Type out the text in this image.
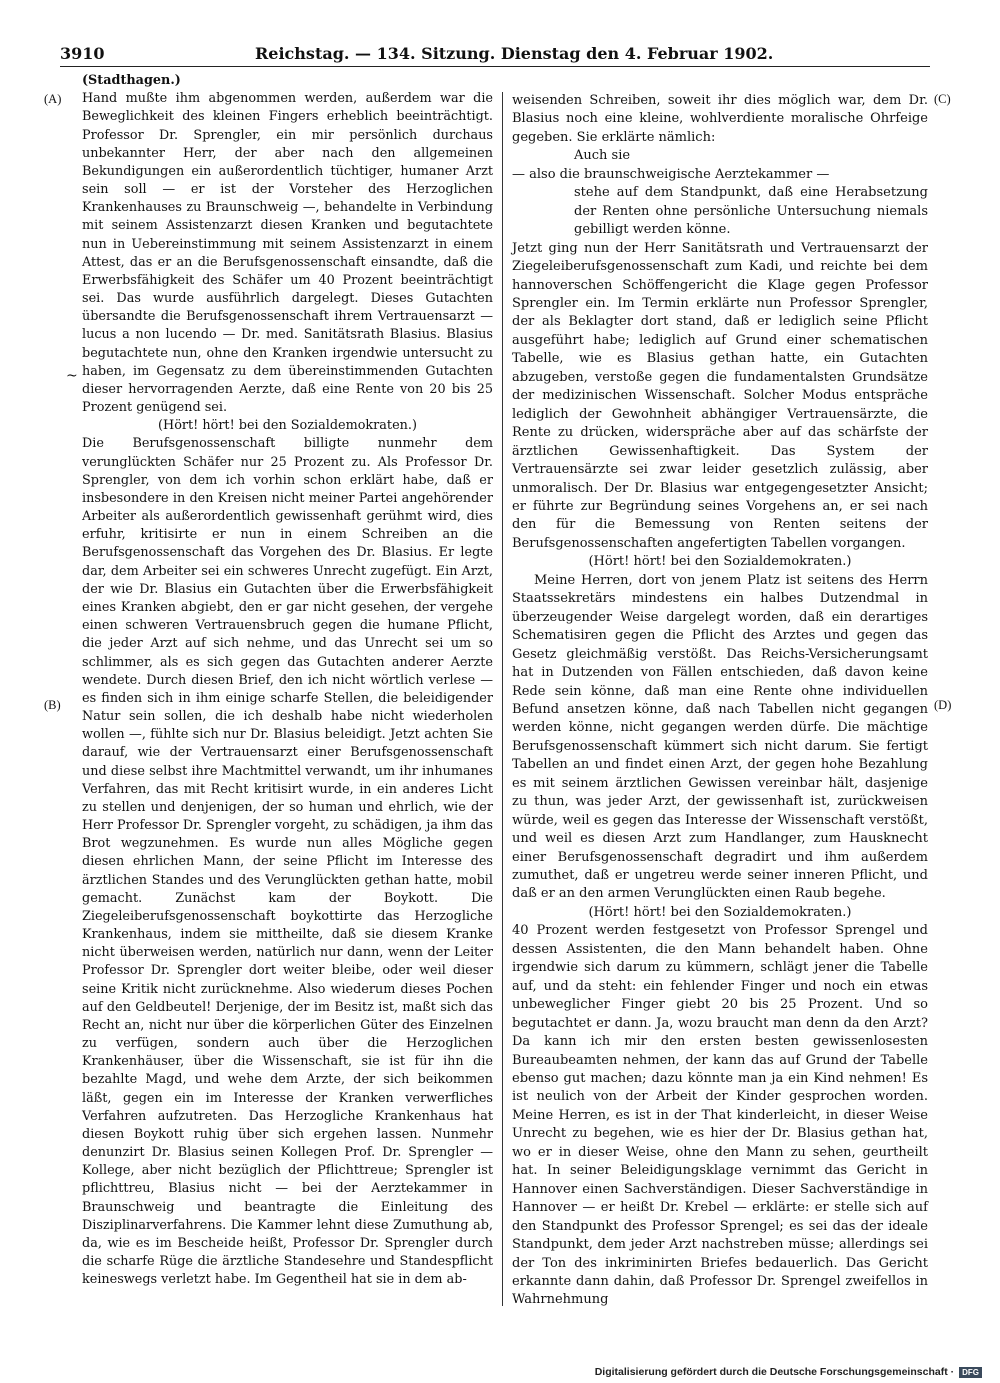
3910	Reichstag. — 134. Sitzung. Dienstag den 4. Februar 1902.
(A)
(B)
(C)
(D)
~

(Stadthagen.)

Hand mußte ihm abgenommen werden, außerdem war die Beweglichkeit des kleinen Fingers erheblich beeinträchtigt. Professor Dr. Sprengler, ein mir persönlich durchaus unbekannter Herr, der aber nach den allgemeinen Bekundigungen ein außerordentlich tüchtiger, humaner Arzt sein soll — er ist der Vorsteher des Herzoglichen Krankenhauses zu Braunschweig —, behandelte in Verbindung mit seinem Assistenzarzt diesen Kranken und begutachtete nun in Uebereinstimmung mit seinem Assistenzarzt in einem Attest, das er an die Berufsgenossenschaft einsandte, daß die Erwerbsfähigkeit des Schäfer um 40 Prozent beeinträchtigt sei. Das wurde ausführlich dargelegt. Dieses Gutachten übersandte die Berufsgenossenschaft ihrem Vertrauensarzt — lucus a non lucendo — Dr. med. Sanitätsrath Blasius. Blasius begutachtete nun, ohne den Kranken irgendwie untersucht zu haben, im Gegensatz zu dem übereinstimmenden Gutachten dieser hervorragenden Aerzte, daß eine Rente von 20 bis 25 Prozent genügend sei.

(Hört! hört! bei den Sozialdemokraten.)

Die Berufsgenossenschaft billigte nunmehr dem verunglückten Schäfer nur 25 Prozent zu. Als Professor Dr. Sprengler, von dem ich vorhin schon erklärt habe, daß er insbesondere in den Kreisen nicht meiner Partei angehörender Arbeiter als außerordentlich gewissenhaft gerühmt wird, dies erfuhr, kritisirte er nun in einem Schreiben an die Berufsgenossenschaft das Vorgehen des Dr. Blasius. Er legte dar, dem Arbeiter sei ein schweres Unrecht zugefügt. Ein Arzt, der wie Dr. Blasius ein Gutachten über die Erwerbsfähigkeit eines Kranken abgiebt, den er gar nicht gesehen, der vergehe einen schweren Vertrauensbruch gegen die humane Pflicht, die jeder Arzt auf sich nehme, und das Unrecht sei um so schlimmer, als es sich gegen das Gutachten anderer Aerzte wendete. Durch diesen Brief, den ich nicht wörtlich verlese — es finden sich in ihm einige scharfe Stellen, die beleidigender Natur sein sollen, die ich deshalb habe nicht wiederholen wollen —, fühlte sich nur Dr. Blasius beleidigt. Jetzt achten Sie darauf, wie der Vertrauensarzt einer Berufsgenossenschaft und diese selbst ihre Machtmittel verwandt, um ihr inhumanes Verfahren, das mit Recht kritisirt wurde, in ein anderes Licht zu stellen und denjenigen, der so human und ehrlich, wie der Herr Professor Dr. Sprengler vorgeht, zu schädigen, ja ihm das Brot wegzunehmen. Es wurde nun alles Mögliche gegen diesen ehrlichen Mann, der seine Pflicht im Interesse des ärztlichen Standes und des Verunglückten gethan hatte, mobil gemacht. Zunächst kam der Boykott. Die Ziegeleiberufsgenossenschaft boykottirte das Herzogliche Krankenhaus, indem sie mittheilte, daß sie diesem Kranke nicht überweisen werden, natürlich nur dann, wenn der Leiter Professor Dr. Sprengler dort weiter bleibe, oder weil dieser seine Kritik nicht zurücknehme. Also wiederum dieses Pochen auf den Geldbeutel! Derjenige, der im Besitz ist, maßt sich das Recht an, nicht nur über die körperlichen Güter des Einzelnen zu verfügen, sondern auch über die Herzoglichen Krankenhäuser, über die Wissenschaft, sie ist für ihn die bezahlte Magd, und wehe dem Arzte, der sich beikommen läßt, gegen ein im Interesse der Kranken verwerfliches Verfahren aufzutreten. Das Herzogliche Krankenhaus hat diesen Boykott ruhig über sich ergehen lassen. Nunmehr denunzirt Dr. Blasius seinen Kollegen Prof. Dr. Sprengler — Kollege, aber nicht bezüglich der Pflichttreue; Sprengler ist pflichttreu, Blasius nicht — bei der Aerztekammer in Braunschweig und beantragte die Einleitung des Disziplinarverfahrens. Die Kammer lehnt diese Zumuthung ab, da, wie es im Bescheide heißt, Professor Dr. Sprengler durch die scharfe Rüge die ärztliche Standesehre und Standespflicht keineswegs verletzt habe. Im Gegentheil hat sie in dem ab-

weisenden Schreiben, soweit ihr dies möglich war, dem Dr. Blasius noch eine kleine, wohlverdiente moralische Ohrfeige gegeben. Sie erklärte nämlich:

Auch sie

— also die braunschweigische Aerztekammer —

stehe auf dem Standpunkt, daß eine Herabsetzung der Renten ohne persönliche Untersuchung niemals gebilligt werden könne.

Jetzt ging nun der Herr Sanitätsrath und Vertrauensarzt der Ziegeleiberufsgenossenschaft zum Kadi, und reichte bei dem hannoverschen Schöffengericht die Klage gegen Professor Sprengler ein. Im Termin erklärte nun Professor Sprengler, der als Beklagter dort stand, daß er lediglich seine Pflicht ausgeführt habe; lediglich auf Grund einer schematischen Tabelle, wie es Blasius gethan hatte, ein Gutachten abzugeben, verstoße gegen die fundamentalsten Grundsätze der medizinischen Wissenschaft. Solcher Modus entspräche lediglich der Gewohnheit abhängiger Vertrauensärzte, die Rente zu drücken, widerspräche aber auf das schärfste der ärztlichen Gewissenhaftigkeit. Das System der Vertrauensärzte sei zwar leider gesetzlich zulässig, aber unmoralisch. Der Dr. Blasius war entgegengesetzter Ansicht; er führte zur Begründung seines Vorgehens an, er sei nach den für die Bemessung von Renten seitens der Berufsgenossenschaften angefertigten Tabellen vorgangen.

(Hört! hört! bei den Sozialdemokraten.)

Meine Herren, dort von jenem Platz ist seitens des Herrn Staatssekretärs mindestens ein halbes Dutzendmal in überzeugender Weise dargelegt worden, daß ein derartiges Schematisiren gegen die Pflicht des Arztes und gegen das Gesetz gleichmäßig verstößt. Das Reichs-Versicherungsamt hat in Dutzenden von Fällen entschieden, daß davon keine Rede sein könne, daß man eine Rente ohne individuellen Befund ansetzen könne, daß nach Tabellen nicht gegangen werden könne, nicht gegangen werden dürfe. Die mächtige Berufsgenossenschaft kümmert sich nicht darum. Sie fertigt Tabellen an und findet einen Arzt, der gegen hohe Bezahlung es mit seinem ärztlichen Gewissen vereinbar hält, dasjenige zu thun, was jeder Arzt, der gewissenhaft ist, zurückweisen würde, weil es gegen das Interesse der Wissenschaft verstößt, und weil es diesen Arzt zum Handlanger, zum Hausknecht einer Berufsgenossenschaft degradirt und ihm außerdem zumuthet, daß er ungetreu werde seiner inneren Pflicht, und daß er an den armen Verunglückten einen Raub begehe.

(Hört! hört! bei den Sozialdemokraten.)

40 Prozent werden festgesetzt von Professor Sprengel und dessen Assistenten, die den Mann behandelt haben. Ohne irgendwie sich darum zu kümmern, schlägt jener die Tabelle auf, und da steht: ein fehlender Finger und noch ein etwas unbeweglicher Finger giebt 20 bis 25 Prozent. Und so begutachtet er dann. Ja, wozu braucht man denn da den Arzt? Da kann ich mir den ersten besten gewissenlosesten Bureaubeamten nehmen, der kann das auf Grund der Tabelle ebenso gut machen; dazu könnte man ja ein Kind nehmen! Es ist neulich von der Arbeit der Kinder gesprochen worden. Meine Herren, es ist in der That kinderleicht, in dieser Weise Unrecht zu begehen, wie es hier der Dr. Blasius gethan hat, wo er in dieser Weise, ohne den Mann zu sehen, geurtheilt hat. In seiner Beleidigungsklage vernimmt das Gericht in Hannover einen Sachverständigen. Dieser Sachverständige in Hannover — er heißt Dr. Krebel — erklärte: er stelle sich auf den Standpunkt des Professor Sprengel; es sei das der ideale Standpunkt, dem jeder Arzt nachstreben müsse; allerdings sei der Ton des inkriminirten Briefes bedauerlich. Das Gericht erkannte dann dahin, daß Professor Dr. Sprengel zweifellos in Wahrnehmung

Digitalisierung gefördert durch die Deutsche Forschungsgemeinschaft ·	DFG
